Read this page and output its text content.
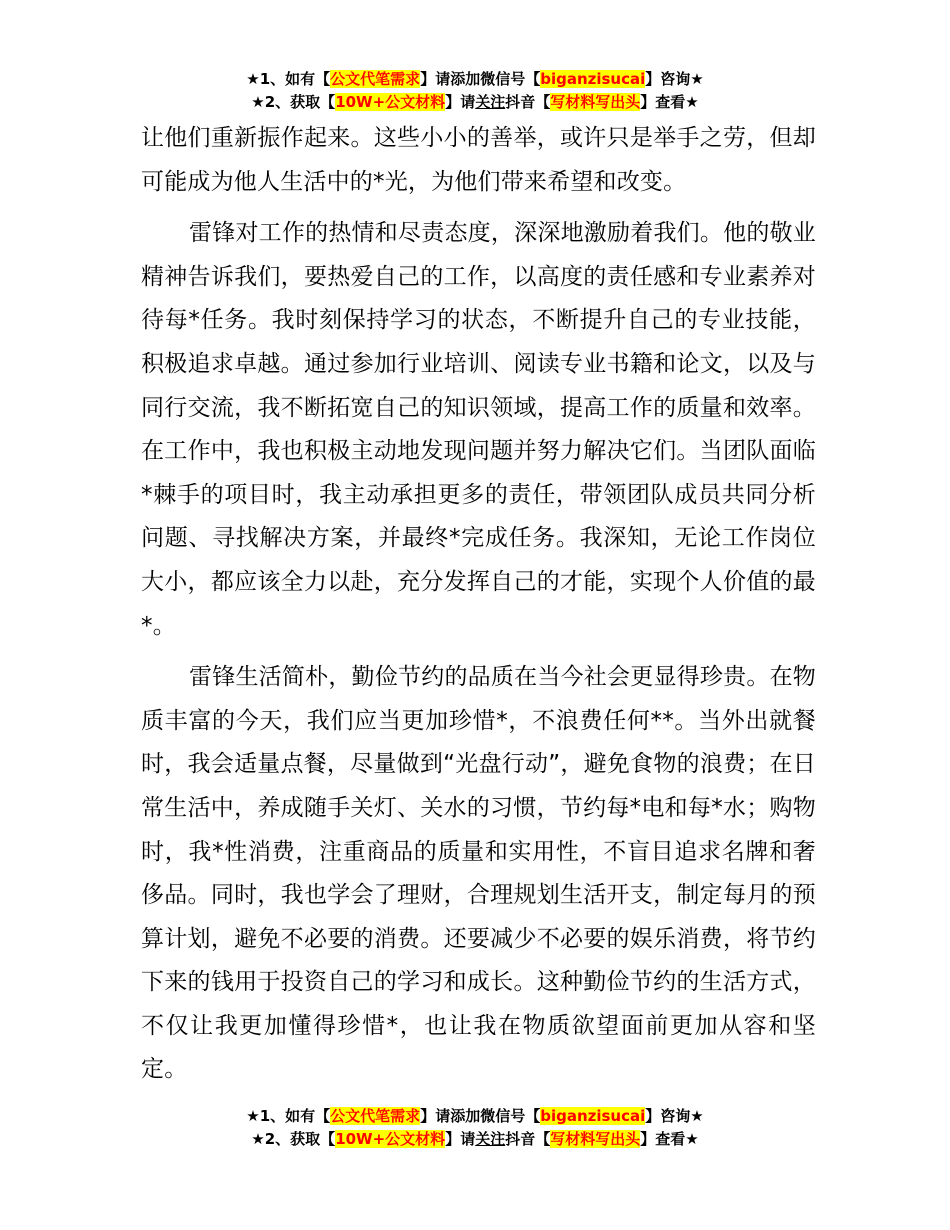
★1、如有【公文代笔需求】请添加微信号【biganzisucai】咨询★
★2、获取【10W+公文材料】请关注抖音【写材料写出头】查看★

让他们重新振作起来。这些小小的善举，或许只是举手之劳，但却可能成为他人生活中的*光，为他们带来希望和改变。

雷锋对工作的热情和尽责态度，深深地激励着我们。他的敬业精神告诉我们，要热爱自己的工作，以高度的责任感和专业素养对待每*任务。我时刻保持学习的状态，不断提升自己的专业技能，积极追求卓越。通过参加行业培训、阅读专业书籍和论文，以及与同行交流，我不断拓宽自己的知识领域，提高工作的质量和效率。在工作中，我也积极主动地发现问题并努力解决它们。当团队面临*棘手的项目时，我主动承担更多的责任，带领团队成员共同分析问题、寻找解决方案，并最终*完成任务。我深知，无论工作岗位大小，都应该全力以赴，充分发挥自己的才能，实现个人价值的最*。

雷锋生活简朴，勤俭节约的品质在当今社会更显得珍贵。在物质丰富的今天，我们应当更加珍惜*，不浪费任何**。当外出就餐时，我会适量点餐，尽量做到“光盘行动”，避免食物的浪费；在日常生活中，养成随手关灯、关水的习惯，节约每*电和每*水；购物时，我*性消费，注重商品的质量和实用性，不盲目追求名牌和奢侈品。同时，我也学会了理财，合理规划生活开支，制定每月的预算计划，避免不必要的消费。还要减少不必要的娱乐消费，将节约下来的钱用于投资自己的学习和成长。这种勤俭节约的生活方式，不仅让我更加懂得珍惜*，也让我在物质欲望面前更加从容和坚定。

★1、如有【公文代笔需求】请添加微信号【biganzisucai】咨询★
★2、获取【10W+公文材料】请关注抖音【写材料写出头】查看★
